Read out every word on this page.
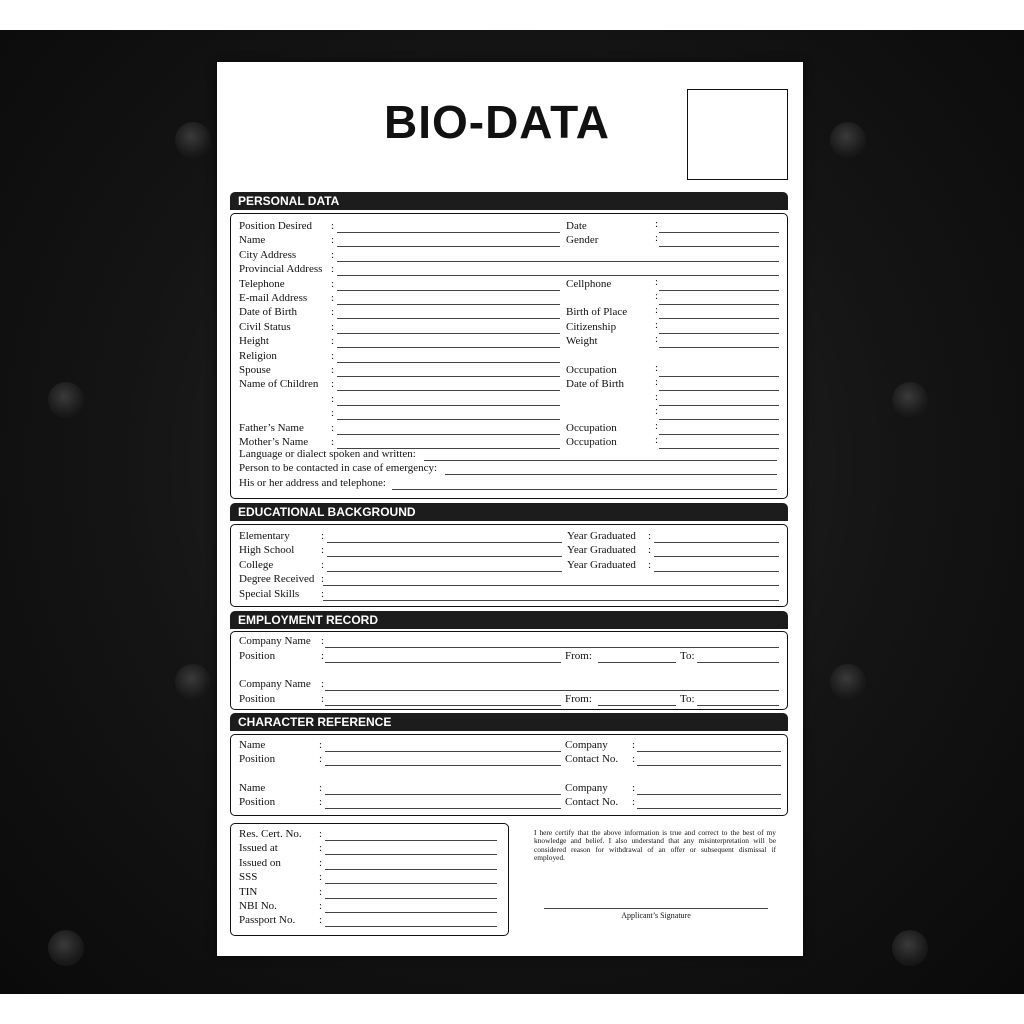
BIO-DATA
PERSONAL DATA
Language or dialect spoken and written:
Person to be contacted in case of emergency:
His or her address and telephone:
EDUCATIONAL BACKGROUND
EMPLOYMENT RECORD
CHARACTER REFERENCE
I here certify that the above information is true and correct to the best of my knowledge and belief. I also understand that any misinterpretation will be considered reason for withdrawal of an offer or subsequent dismissal if employed.
Applicant’s Signature
Position Desired :	Date	:
Name	:	Gender	:
City Address	:
Provincial Address :
Telephone	:	Cellphone	:
E-mail Address :	:
Date of Birth	:	Birth of Place	:
Civil Status	:	Citizenship	:
Height	:	Weight	:
Religion	:
Spouse	:	Occupation	:
Name of Children :	Date of Birth	:
:	:
:	:
Father’s Name :	Occupation	:
Mother’s Name :	Occupation	:
Elementary	:	Year Graduated :
High School :	Year Graduated :
College	:	Year Graduated :
Degree Received :
Special Skills :
Company Name :
Position	:	From:	To:
Company Name :
Position	:	From:	To:
Name	:	Company :
Position	:	Contact No. :
Name	:	Company :
Position	:	Contact No. :
Res. Cert. No. :
Issued at	:
Issued on	:
SSS	:
TIN	:
NBI No.	:
Passport No. :
